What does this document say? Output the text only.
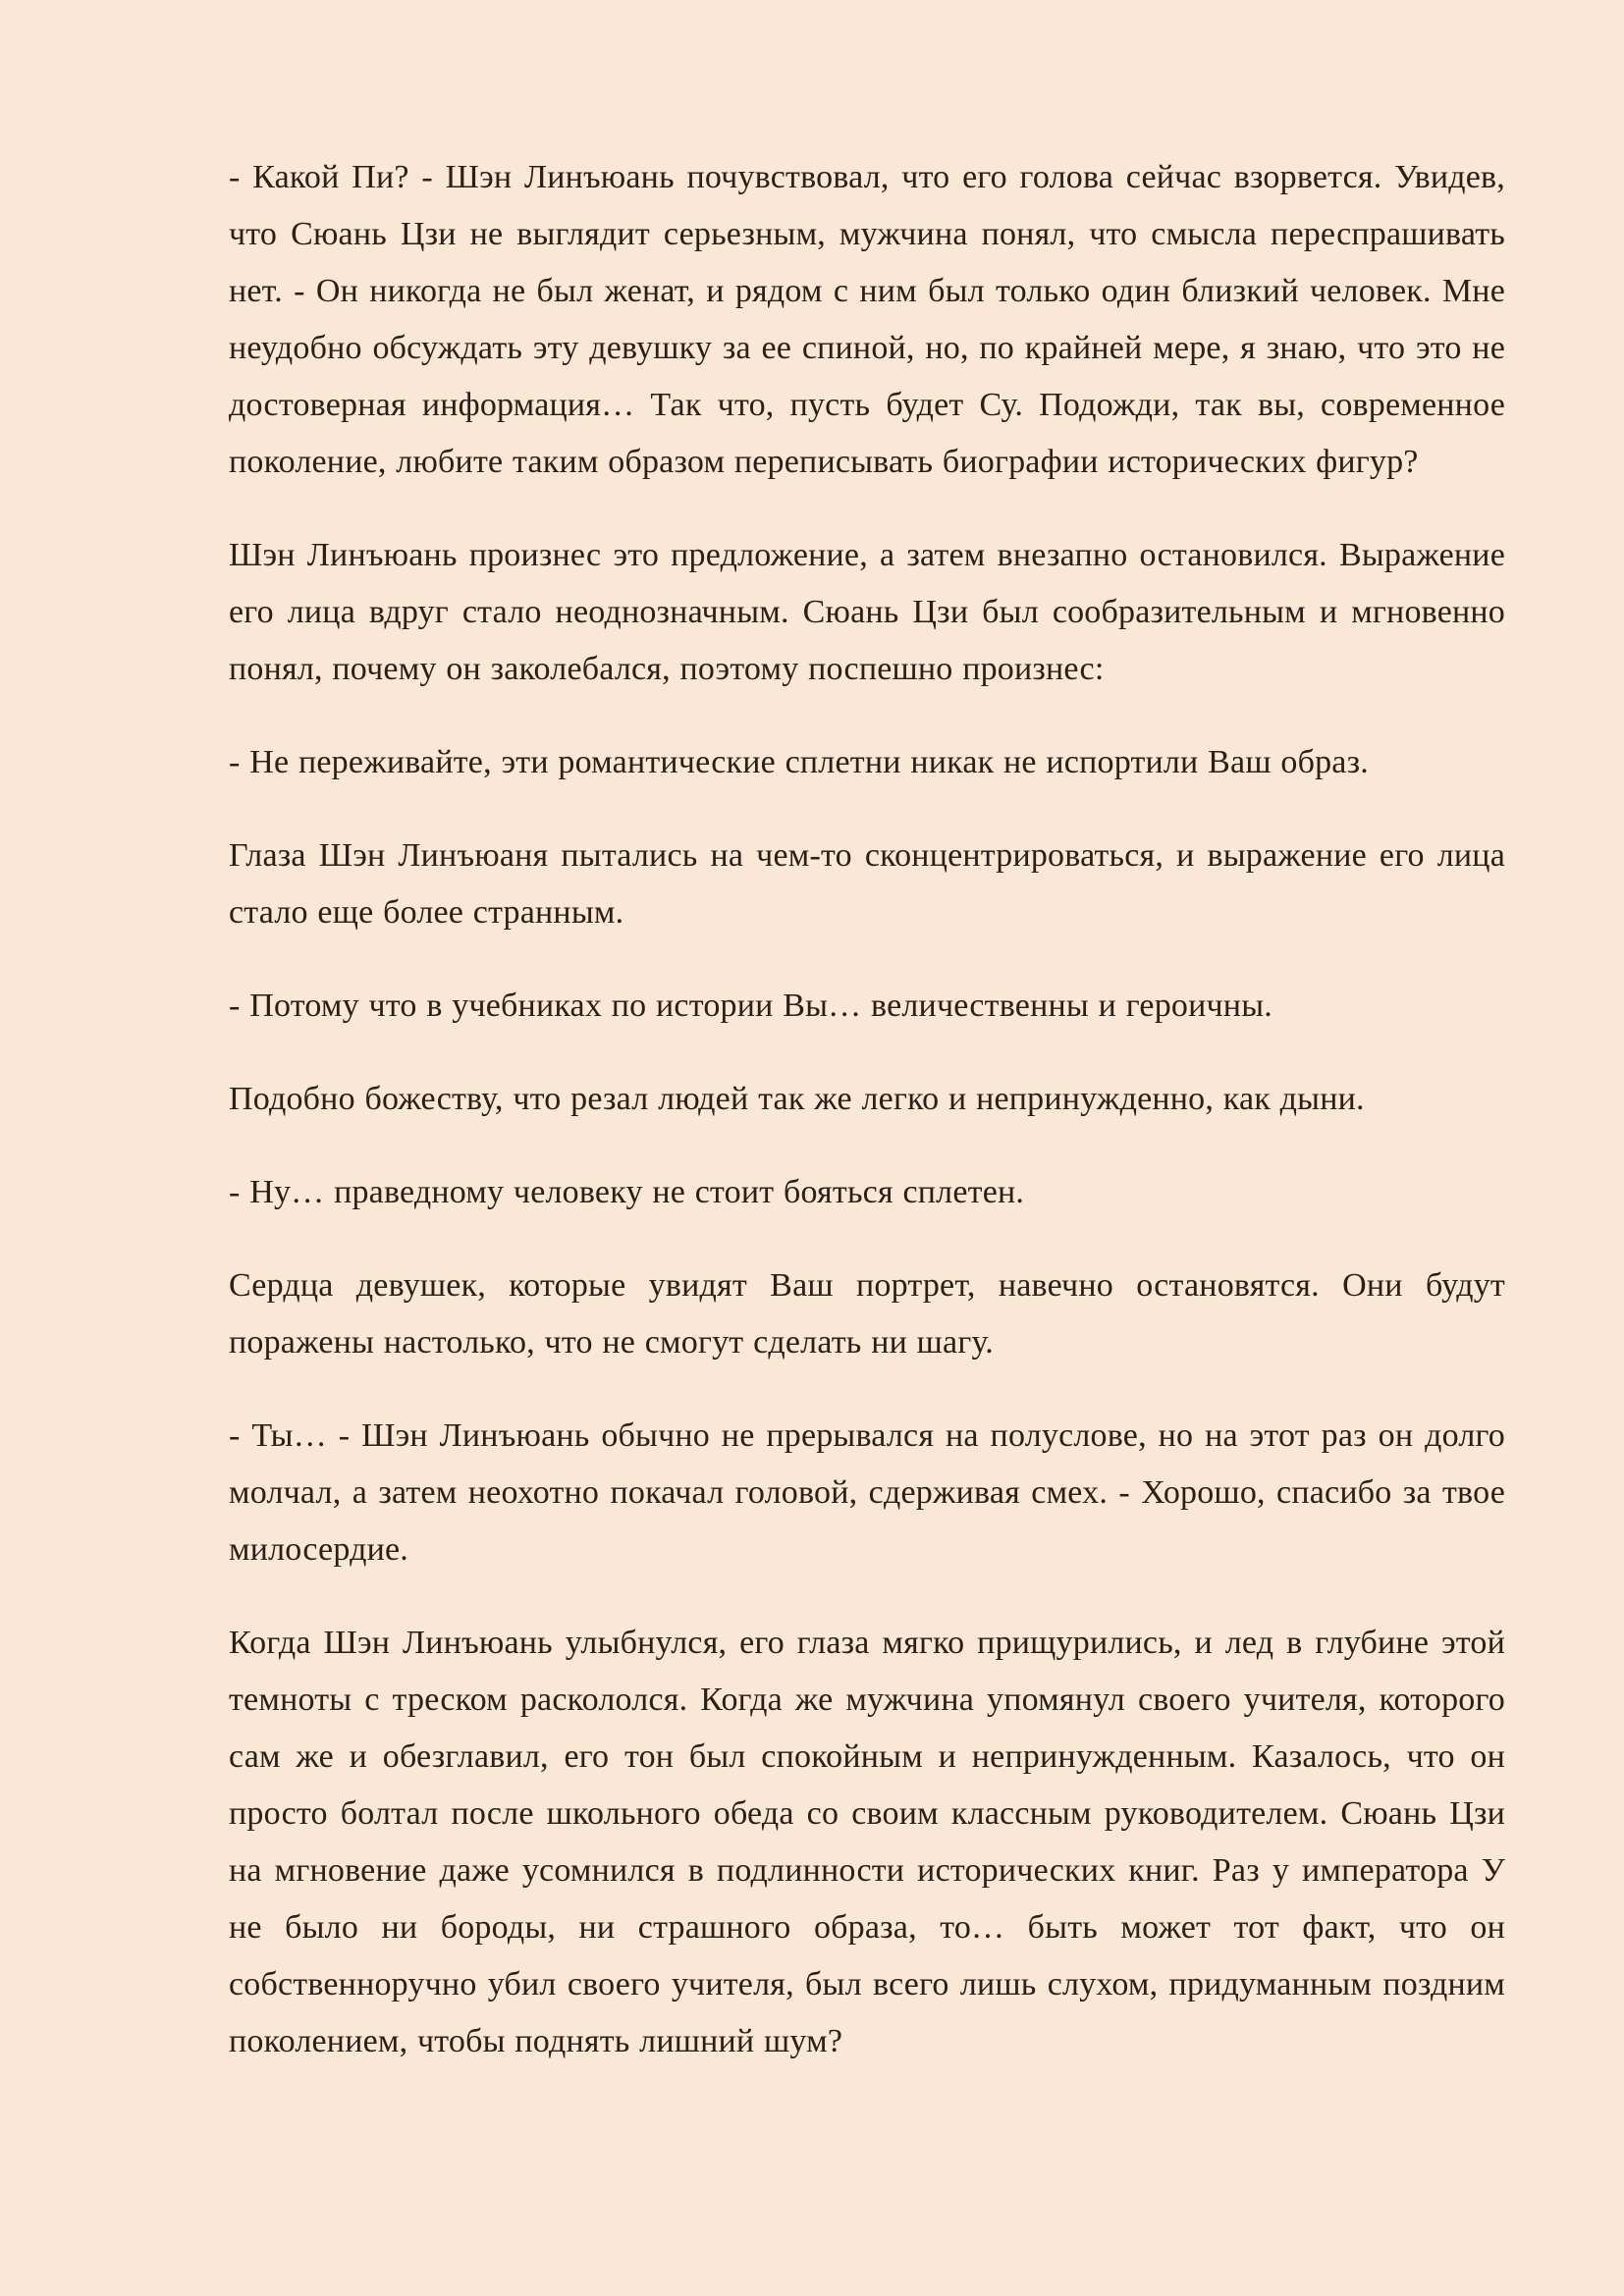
- Какой Пи? - Шэн Линъюань почувствовал, что его голова сейчас взорвется. Увидев, что Сюань Цзи не выглядит серьезным, мужчина понял, что смысла переспрашивать нет. - Он никогда не был женат, и рядом с ним был только один близкий человек. Мне неудобно обсуждать эту девушку за ее спиной, но, по крайней мере, я знаю, что это не достоверная информация… Так что, пусть будет Су. Подожди, так вы, современное поколение, любите таким образом переписывать биографии исторических фигур?

Шэн Линъюань произнес это предложение, а затем внезапно остановился. Выражение его лица вдруг стало неоднозначным. Сюань Цзи был сообразительным и мгновенно понял, почему он заколебался, поэтому поспешно произнес:

- Не переживайте, эти романтические сплетни никак не испортили Ваш образ.

Глаза Шэн Линъюаня пытались на чем-то сконцентрироваться, и выражение его лица стало еще более странным.

- Потому что в учебниках по истории Вы… величественны и героичны.

Подобно божеству, что резал людей так же легко и непринужденно, как дыни.

- Ну… праведному человеку не стоит бояться сплетен.

Сердца девушек, которые увидят Ваш портрет, навечно остановятся. Они будут поражены настолько, что не смогут сделать ни шагу.

- Ты… - Шэн Линъюань обычно не прерывался на полуслове, но на этот раз он долго молчал, а затем неохотно покачал головой, сдерживая смех. - Хорошо, спасибо за твое милосердие.

Когда Шэн Линъюань улыбнулся, его глаза мягко прищурились, и лед в глубине этой темноты с треском раскололся. Когда же мужчина упомянул своего учителя, которого сам же и обезглавил, его тон был спокойным и непринужденным. Казалось, что он просто болтал после школьного обеда со своим классным руководителем. Сюань Цзи на мгновение даже усомнился в подлинности исторических книг. Раз у императора У не было ни бороды, ни страшного образа, то… быть может тот факт, что он собственноручно убил своего учителя, был всего лишь слухом, придуманным поздним поколением, чтобы поднять лишний шум?
